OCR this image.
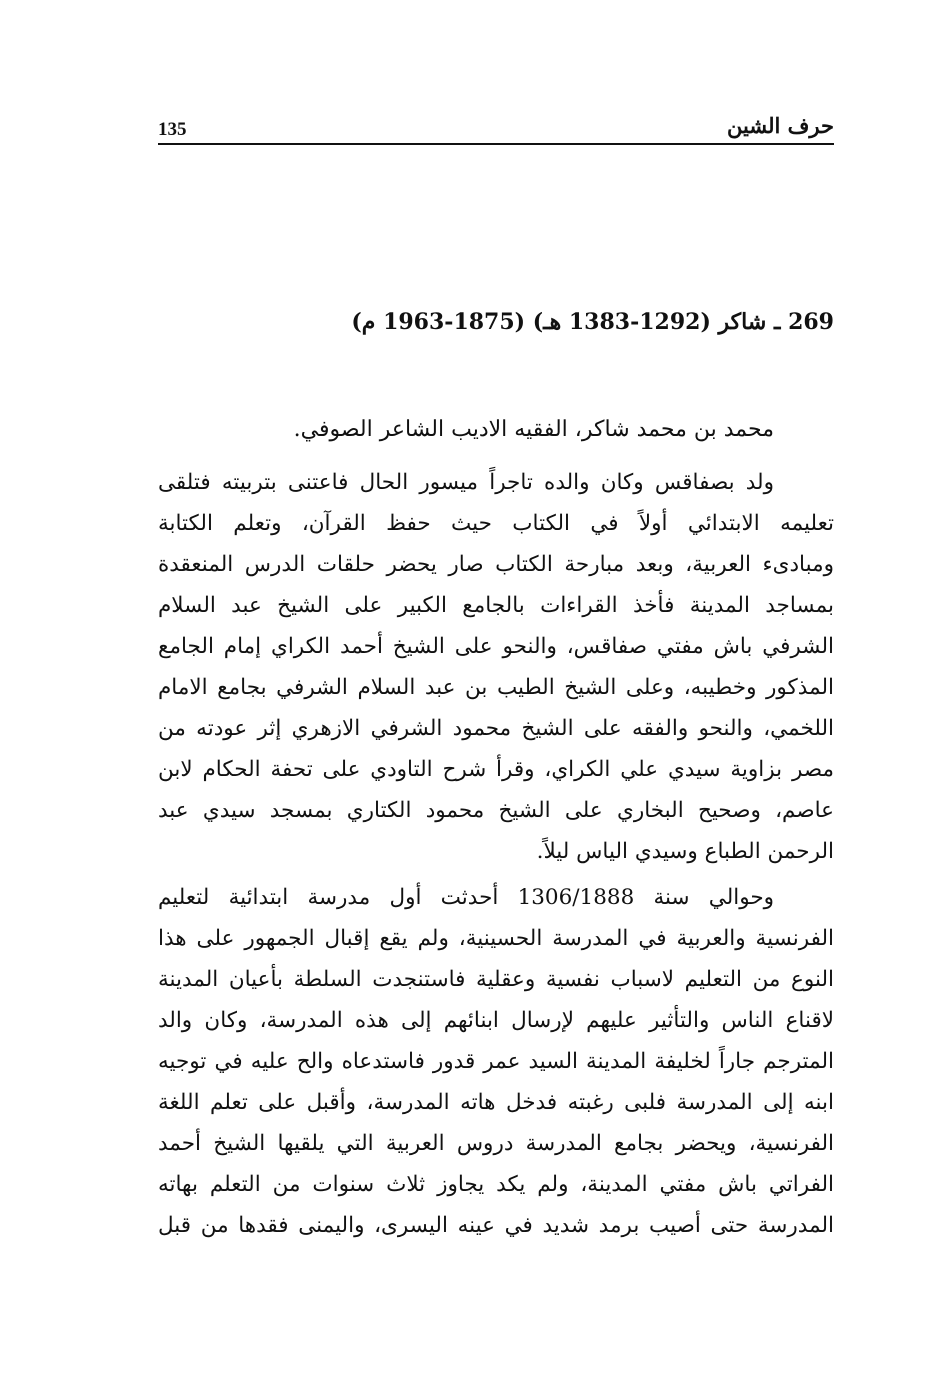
135	حرف الشين
269 ـ شاكر (1292-1383 هـ) (1875-1963 م)
محمد بن محمد شاكر، الفقيه الاديب الشاعر الصوفي.
ولد بصفاقس وكان والده تاجراً ميسور الحال فاعتنى بتربيته فتلقى
تعليمه الابتدائي أولاً في الكتاب حيث حفظ القرآن، وتعلم الكتابة
ومبادىء العربية، وبعد مبارحة الكتاب صار يحضر حلقات الدرس المنعقدة
بمساجد المدينة فأخذ القراءات بالجامع الكبير على الشيخ عبد السلام
الشرفي باش مفتي صفاقس، والنحو على الشيخ أحمد الكراي إمام الجامع
المذكور وخطيبه، وعلى الشيخ الطيب بن عبد السلام الشرفي بجامع الامام
اللخمي، والنحو والفقه على الشيخ محمود الشرفي الازهري إثر عودته من
مصر بزاوية سيدي علي الكراي، وقرأ شرح التاودي على تحفة الحكام لابن
عاصم، وصحيح البخاري على الشيخ محمود الكتاري بمسجد سيدي عبد
الرحمن الطباع وسيدي الياس ليلاً.
وحوالي سنة 1306/1888 أحدثت أول مدرسة ابتدائية لتعليم
الفرنسية والعربية في المدرسة الحسينية، ولم يقع إقبال الجمهور على هذا
النوع من التعليم لاسباب نفسية وعقلية فاستنجدت السلطة بأعيان المدينة
لاقناع الناس والتأثير عليهم لإرسال ابنائهم إلى هذه المدرسة، وكان والد
المترجم جاراً لخليفة المدينة السيد عمر قدور فاستدعاه والح عليه في توجيه
ابنه إلى المدرسة فلبى رغبته فدخل هاته المدرسة، وأقبل على تعلم اللغة
الفرنسية، ويحضر بجامع المدرسة دروس العربية التي يلقيها الشيخ أحمد
الفراتي باش مفتي المدينة، ولم يكد يجاوز ثلاث سنوات من التعلم بهاته
المدرسة حتى أصيب برمد شديد في عينه اليسرى، واليمنى فقدها من قبل
